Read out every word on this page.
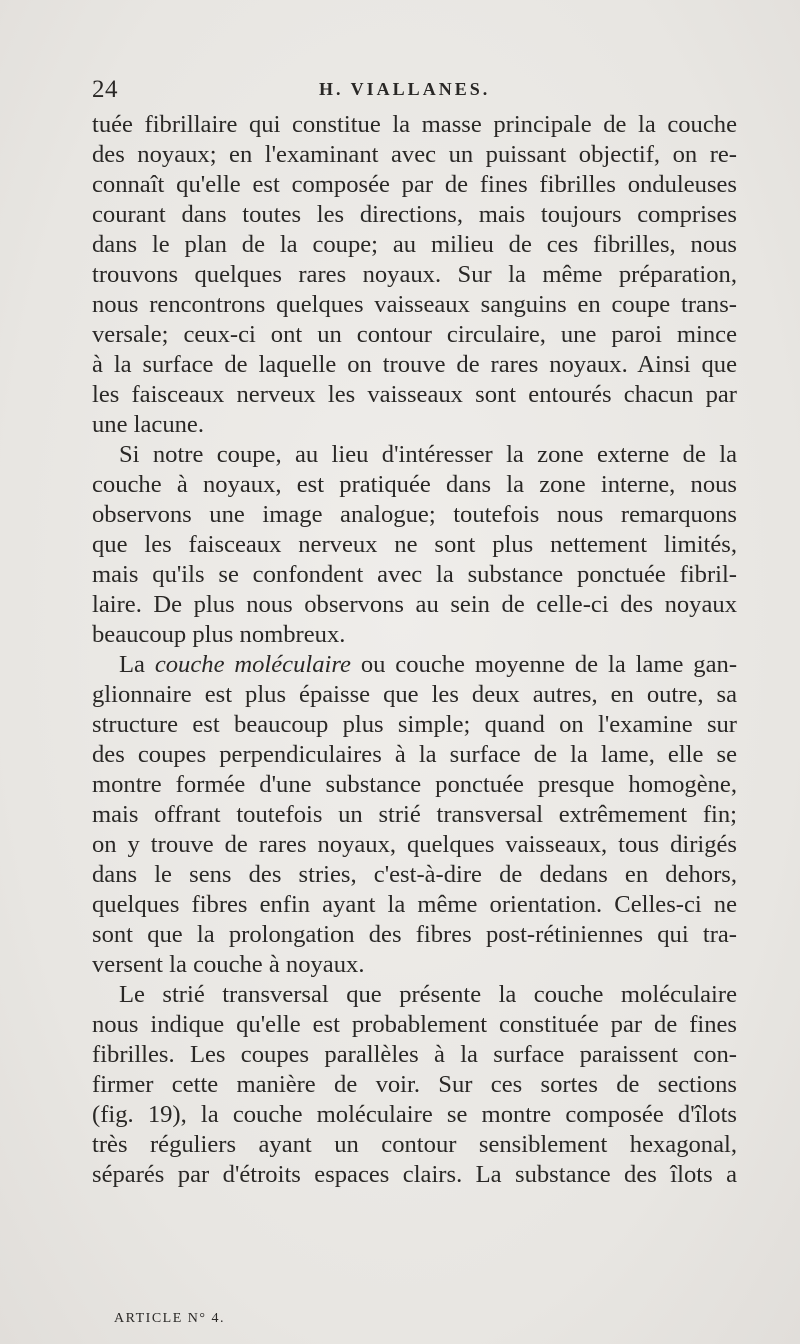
24	H. VIALLANES.
tuée fibrillaire qui constitue la masse principale de la couche
des noyaux; en l'examinant avec un puissant objectif, on re-
connaît qu'elle est composée par de fines fibrilles onduleuses
courant dans toutes les directions, mais toujours comprises
dans le plan de la coupe; au milieu de ces fibrilles, nous
trouvons quelques rares noyaux. Sur la même préparation,
nous rencontrons quelques vaisseaux sanguins en coupe trans-
versale; ceux-ci ont un contour circulaire, une paroi mince
à la surface de laquelle on trouve de rares noyaux. Ainsi que
les faisceaux nerveux les vaisseaux sont entourés chacun par
une lacune.
Si notre coupe, au lieu d'intéresser la zone externe de la
couche à noyaux, est pratiquée dans la zone interne, nous
observons une image analogue; toutefois nous remarquons
que les faisceaux nerveux ne sont plus nettement limités,
mais qu'ils se confondent avec la substance ponctuée fibril-
laire. De plus nous observons au sein de celle-ci des noyaux
beaucoup plus nombreux.
La couche moléculaire ou couche moyenne de la lame gan-
glionnaire est plus épaisse que les deux autres, en outre, sa
structure est beaucoup plus simple; quand on l'examine sur
des coupes perpendiculaires à la surface de la lame, elle se
montre formée d'une substance ponctuée presque homogène,
mais offrant toutefois un strié transversal extrêmement fin;
on y trouve de rares noyaux, quelques vaisseaux, tous dirigés
dans le sens des stries, c'est-à-dire de dedans en dehors,
quelques fibres enfin ayant la même orientation. Celles-ci ne
sont que la prolongation des fibres post-rétiniennes qui tra-
versent la couche à noyaux.
Le strié transversal que présente la couche moléculaire
nous indique qu'elle est probablement constituée par de fines
fibrilles. Les coupes parallèles à la surface paraissent con-
firmer cette manière de voir. Sur ces sortes de sections
(fig. 19), la couche moléculaire se montre composée d'îlots
très réguliers ayant un contour sensiblement hexagonal,
séparés par d'étroits espaces clairs. La substance des îlots a
ARTICLE N° 4.
